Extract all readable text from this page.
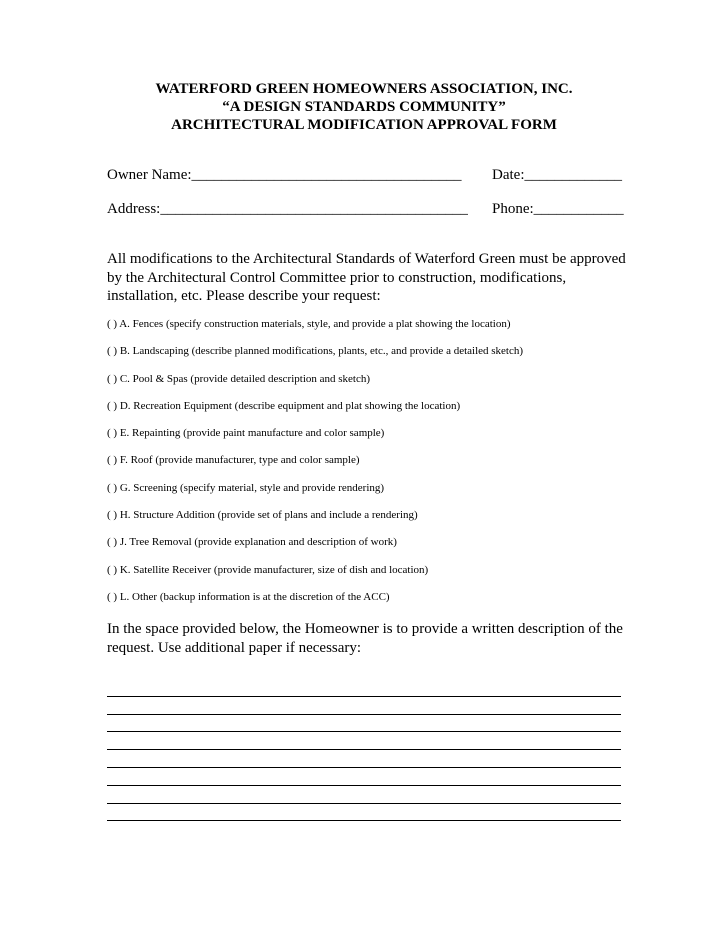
WATERFORD GREEN HOMEOWNERS ASSOCIATION, INC.
“A DESIGN STANDARDS COMMUNITY”
ARCHITECTURAL MODIFICATION APPROVAL FORM
Owner Name:____________________________________ Date:_____________
Address:_________________________________________ Phone:____________
All modifications to the Architectural Standards of Waterford Green must be approved by the Architectural Control Committee prior to construction, modifications, installation, etc. Please describe your request:
( ) A. Fences (specify construction materials, style, and provide a plat showing the location)
( ) B. Landscaping (describe planned modifications, plants, etc., and provide a detailed sketch)
( ) C. Pool & Spas (provide detailed description and sketch)
( ) D. Recreation Equipment (describe equipment and plat showing the location)
( ) E. Repainting (provide paint manufacture and color sample)
( ) F. Roof (provide manufacturer, type and color sample)
( ) G. Screening (specify material, style and provide rendering)
( ) H. Structure Addition (provide set of plans and include a rendering)
( ) J. Tree Removal (provide explanation and description of work)
( ) K. Satellite Receiver (provide manufacturer, size of dish and location)
( ) L. Other (backup information is at the discretion of the ACC)
In the space provided below, the Homeowner is to provide a written description of the request. Use additional paper if necessary:
